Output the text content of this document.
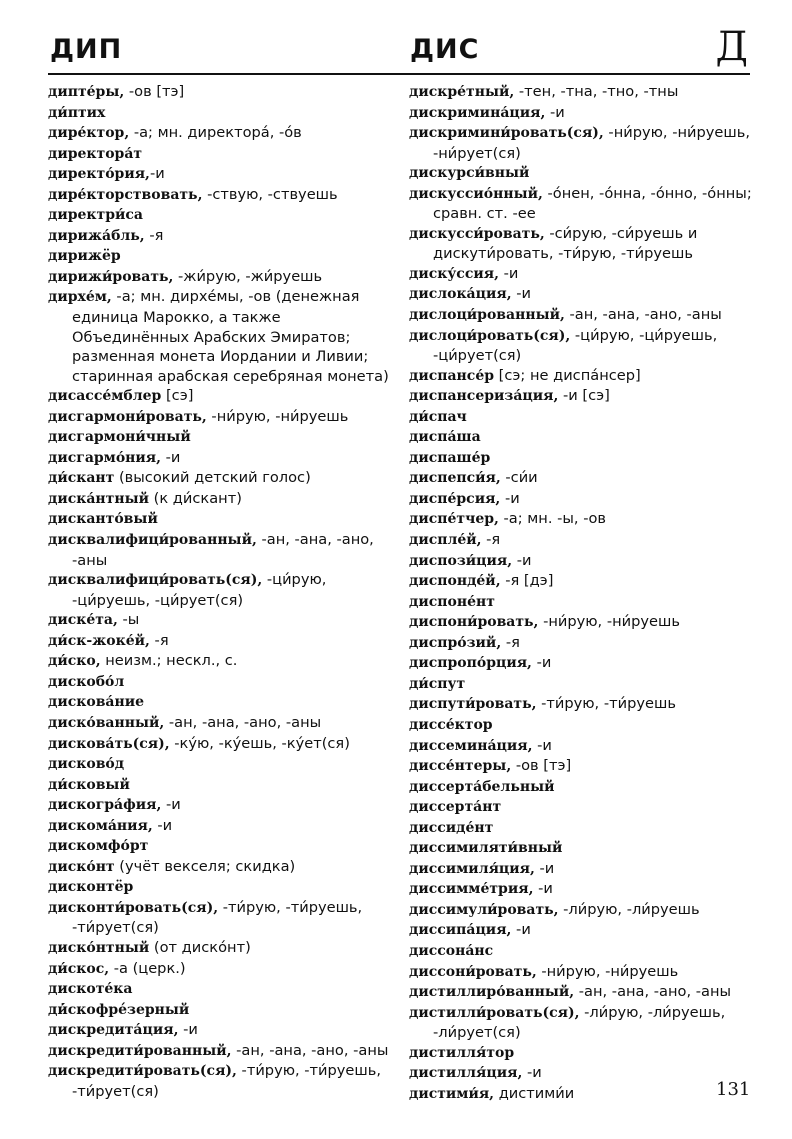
ДИП	ДИС	Д
дипте́ры, -ов [тэ]
ди́птих
дире́ктор, -а; мн. директора́, -о́в
директора́т
директо́рия,-и
дире́кторствовать, -ствую, -ствуешь
директри́са
дирижа́бль, -я
дирижёр
дирижи́ровать, -жи́рую, -жи́руешь
дирхе́м, -а; мн. дирхе́мы, -ов (денежная единица Марокко, а также Объединённых Арабских Эмиратов; разменная монета Иордании и Ливии; старинная арабская серебряная монета)
дисассе́мблер [сэ]
дисгармони́ровать, -ни́рую, -ни́руешь
дисгармони́чный
дисгармо́ния, -и
ди́скант (высокий детский голос)
диска́нтный (к ди́скант)
дисканто́вый
дисквалифици́рованный, -ан, -ана, -ано, -аны
дисквалифици́ровать(ся), -ци́рую, -ци́руешь, -ци́рует(ся)
диске́та, -ы
ди́ск-жоке́й, -я
ди́ско, неизм.; нескл., с.
дискобо́л
дискова́ние
диско́ванный, -ан, -ана, -ано, -аны
дискова́ть(ся), -ку́ю, -ку́ешь, -ку́ет(ся)
дисково́д
ди́сковый
дискогра́фия, -и
дискома́ния, -и
дискомфо́рт
диско́нт (учёт векселя; скидка)
дисконтёр
дисконти́ровать(ся), -ти́рую, -ти́руешь, -ти́рует(ся)
диско́нтный (от диско́нт)
ди́скос, -а (церк.)
дискоте́ка
ди̇́скофрéзерный
дискредита́ция, -и
дискредити́рованный, -ан, -ана, -ано, -аны
дискредити́ровать(ся), -ти́рую, -ти́руешь, -ти́рует(ся)
дискре́тный, -тен, -тна, -тно, -тны
дискримина́ция, -и
дискримини́ровать(ся), -ни́рую, -ни́руешь, -ни́рует(ся)
дискурси́вный
дискуссио́нный, -о́нен, -о́нна, -о́нно, -о́нны; сравн. ст. -ее
дискусси́ровать, -си́рую, -си́руешь и дискути́ровать, -ти́рую, -ти́руешь
диску́ссия, -и
дислока́ция, -и
дислоци́рованный, -ан, -ана, -ано, -аны
дислоци́ровать(ся), -ци́рую, -ци́руешь, -ци́рует(ся)
диспансе́р [сэ; не диспа́нсер]
диспансериза́ция, -и [сэ]
ди́спач
диспа́ша
диспаше́р
диспепси́я, -си́и
диспе́рсия, -и
диспе́тчер, -а; мн. -ы, -ов
диспле́й, -я
диспози́ция, -и
диспонде́й, -я [дэ]
диспоне́нт
диспони́ровать, -ни́рую, -ни́руешь
диспро́зий, -я
диспропо́рция, -и
ди́спут
диспути́ровать, -ти́рую, -ти́руешь
диссе́ктор
диссемина́ция, -и
диссе́нтеры, -ов [тэ]
диссерта́бельный
диссерта́нт
диссиде́нт
диссимиляти́вный
диссимиля́ция, -и
диссимме́трия, -и
диссимули́ровать, -ли́рую, -ли́руешь
диссипа́ция, -и
диссона́нс
диссони́ровать, -ни́рую, -ни́руешь
дистиллиро́ванный, -ан, -ана, -ано, -аны
дистилли́ровать(ся), -ли́рую, -ли́руешь, -ли́рует(ся)
дистилля́тор
дистилля́ция, -и
дистими́я, дистими́и	131
